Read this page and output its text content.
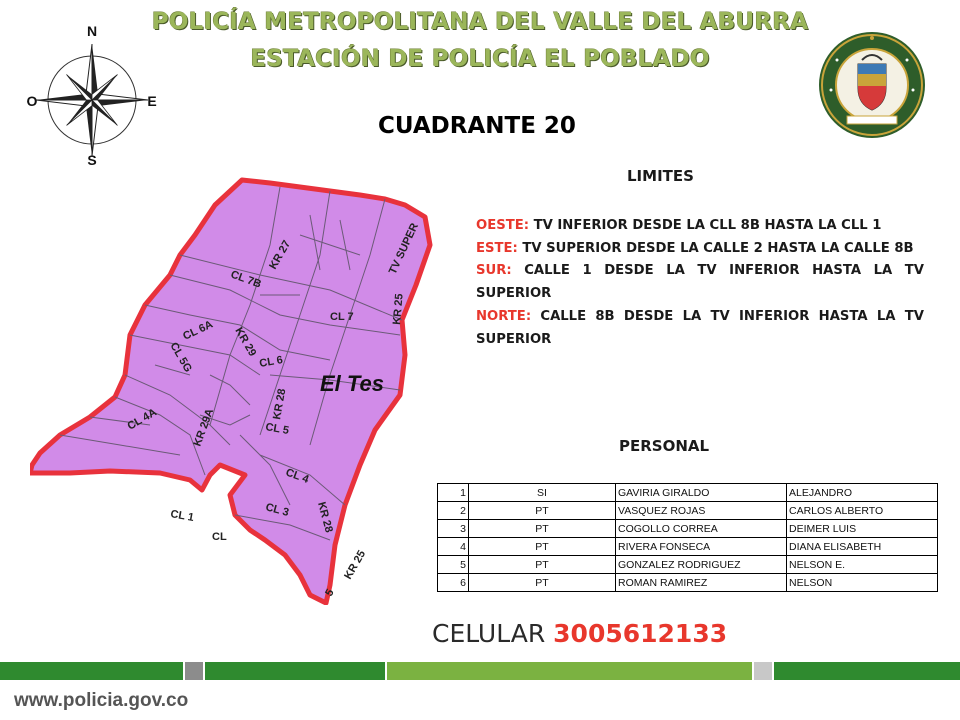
POLICÍA METROPOLITANA DEL VALLE DEL ABURRA
ESTACIÓN DE POLICÍA EL POBLADO
N
S
E
O
CUADRANTE 20
KR 27	TV SUPER
CL 7B
KR 25
CL 7
CL 6A KR 29
CL 6
CL 5G
KR 28
CL 4A	KR 29A	CL 5
CL 4
CL 1	CL 3 KR 28
CL
KR 25
5
El Tes
LIMITES

OESTE: TV INFERIOR DESDE LA CLL 8B HASTA LA CLL 1

ESTE: TV SUPERIOR DESDE LA CALLE 2 HASTA LA CALLE 8B

SUR: CALLE 1 DESDE LA TV INFERIOR HASTA LA TV SUPERIOR

NORTE: CALLE 8B DESDE LA TV INFERIOR HASTA LA TV SUPERIOR

PERSONAL
1	SI	GAVIRIA GIRALDO	ALEJANDRO
2	PT	VASQUEZ ROJAS	CARLOS ALBERTO
3	PT	COGOLLO CORREA	DEIMER LUIS
4	PT	RIVERA FONSECA	DIANA ELISABETH
5	PT	GONZALEZ RODRIGUEZ	NELSON E.
6	PT	ROMAN RAMIREZ	NELSON
CELULAR 3005612133
www.policia.gov.co
